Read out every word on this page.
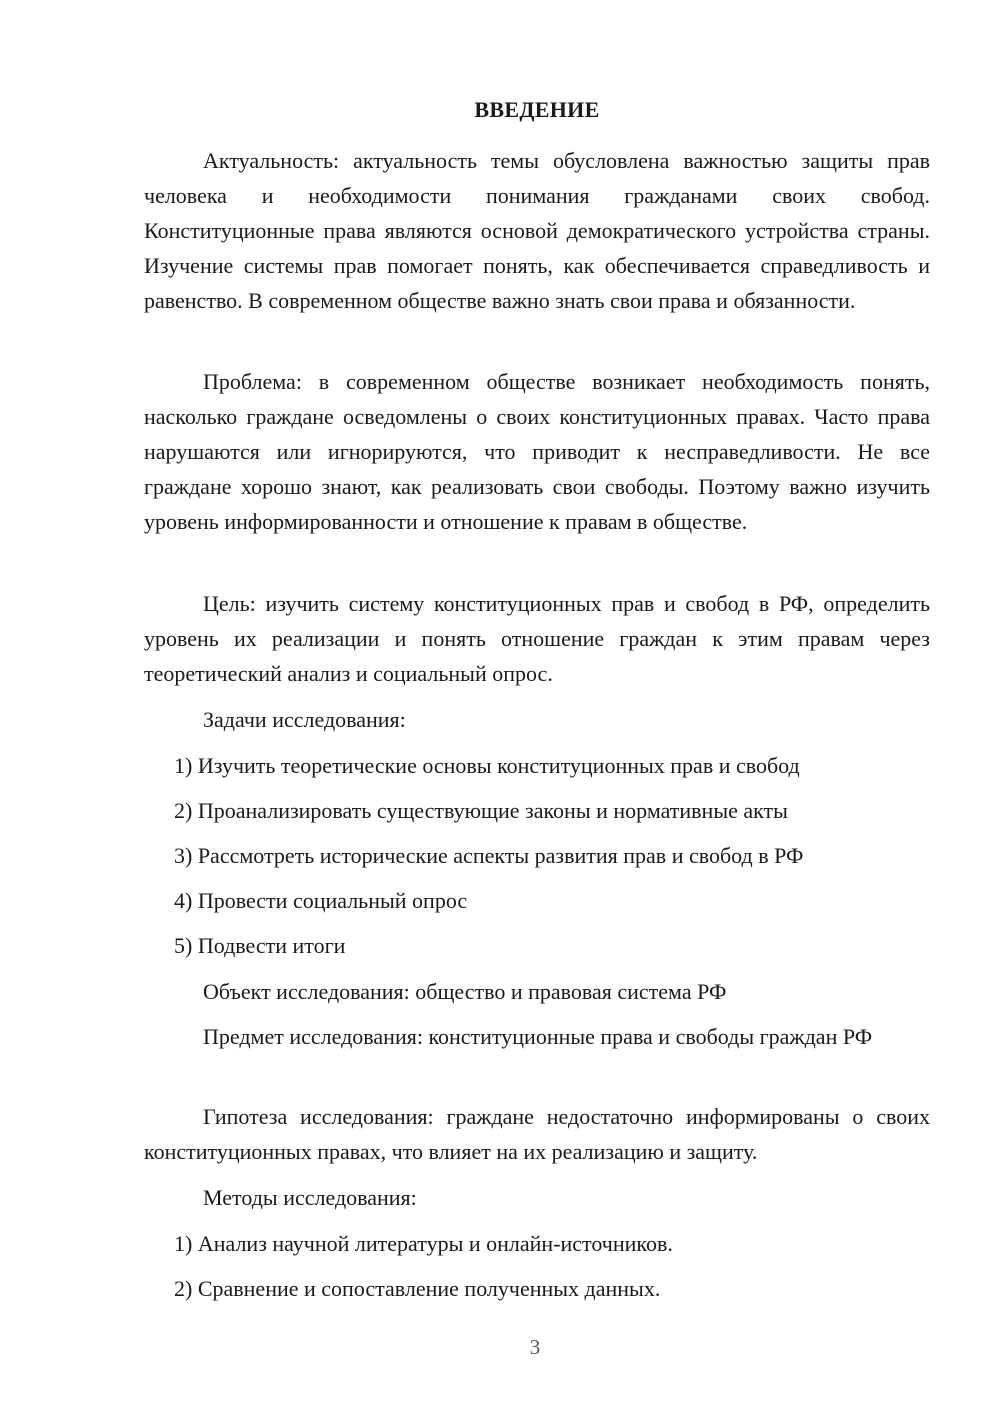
ВВЕДЕНИЕ

Актуальность: актуальность темы обусловлена важностью защиты прав человека и необходимости понимания гражданами своих свобод. Конституционные права являются основой демократического устройства страны. Изучение системы прав помогает понять, как обеспечивается справедливость и равенство. В современном обществе важно знать свои права и обязанности.

Проблема: в современном обществе возникает необходимость понять, насколько граждане осведомлены о своих конституционных правах. Часто права нарушаются или игнорируются, что приводит к несправедливости. Не все граждане хорошо знают, как реализовать свои свободы. Поэтому важно изучить уровень информированности и отношение к правам в обществе.

Цель: изучить систему конституционных прав и свобод в РФ, определить уровень их реализации и понять отношение граждан к этим правам через теоретический анализ и социальный опрос.

Задачи исследования:

1) Изучить теоретические основы конституционных прав и свобод

2) Проанализировать существующие законы и нормативные акты

3) Рассмотреть исторические аспекты развития прав и свобод в РФ

4) Провести социальный опрос

5) Подвести итоги

Объект исследования: общество и правовая система РФ

Предмет исследования: конституционные права и свободы граждан РФ

Гипотеза исследования: граждане недостаточно информированы о своих конституционных правах, что влияет на их реализацию и защиту.

Методы исследования:

1) Анализ научной литературы и онлайн-источников.

2) Сравнение и сопоставление полученных данных.

3
